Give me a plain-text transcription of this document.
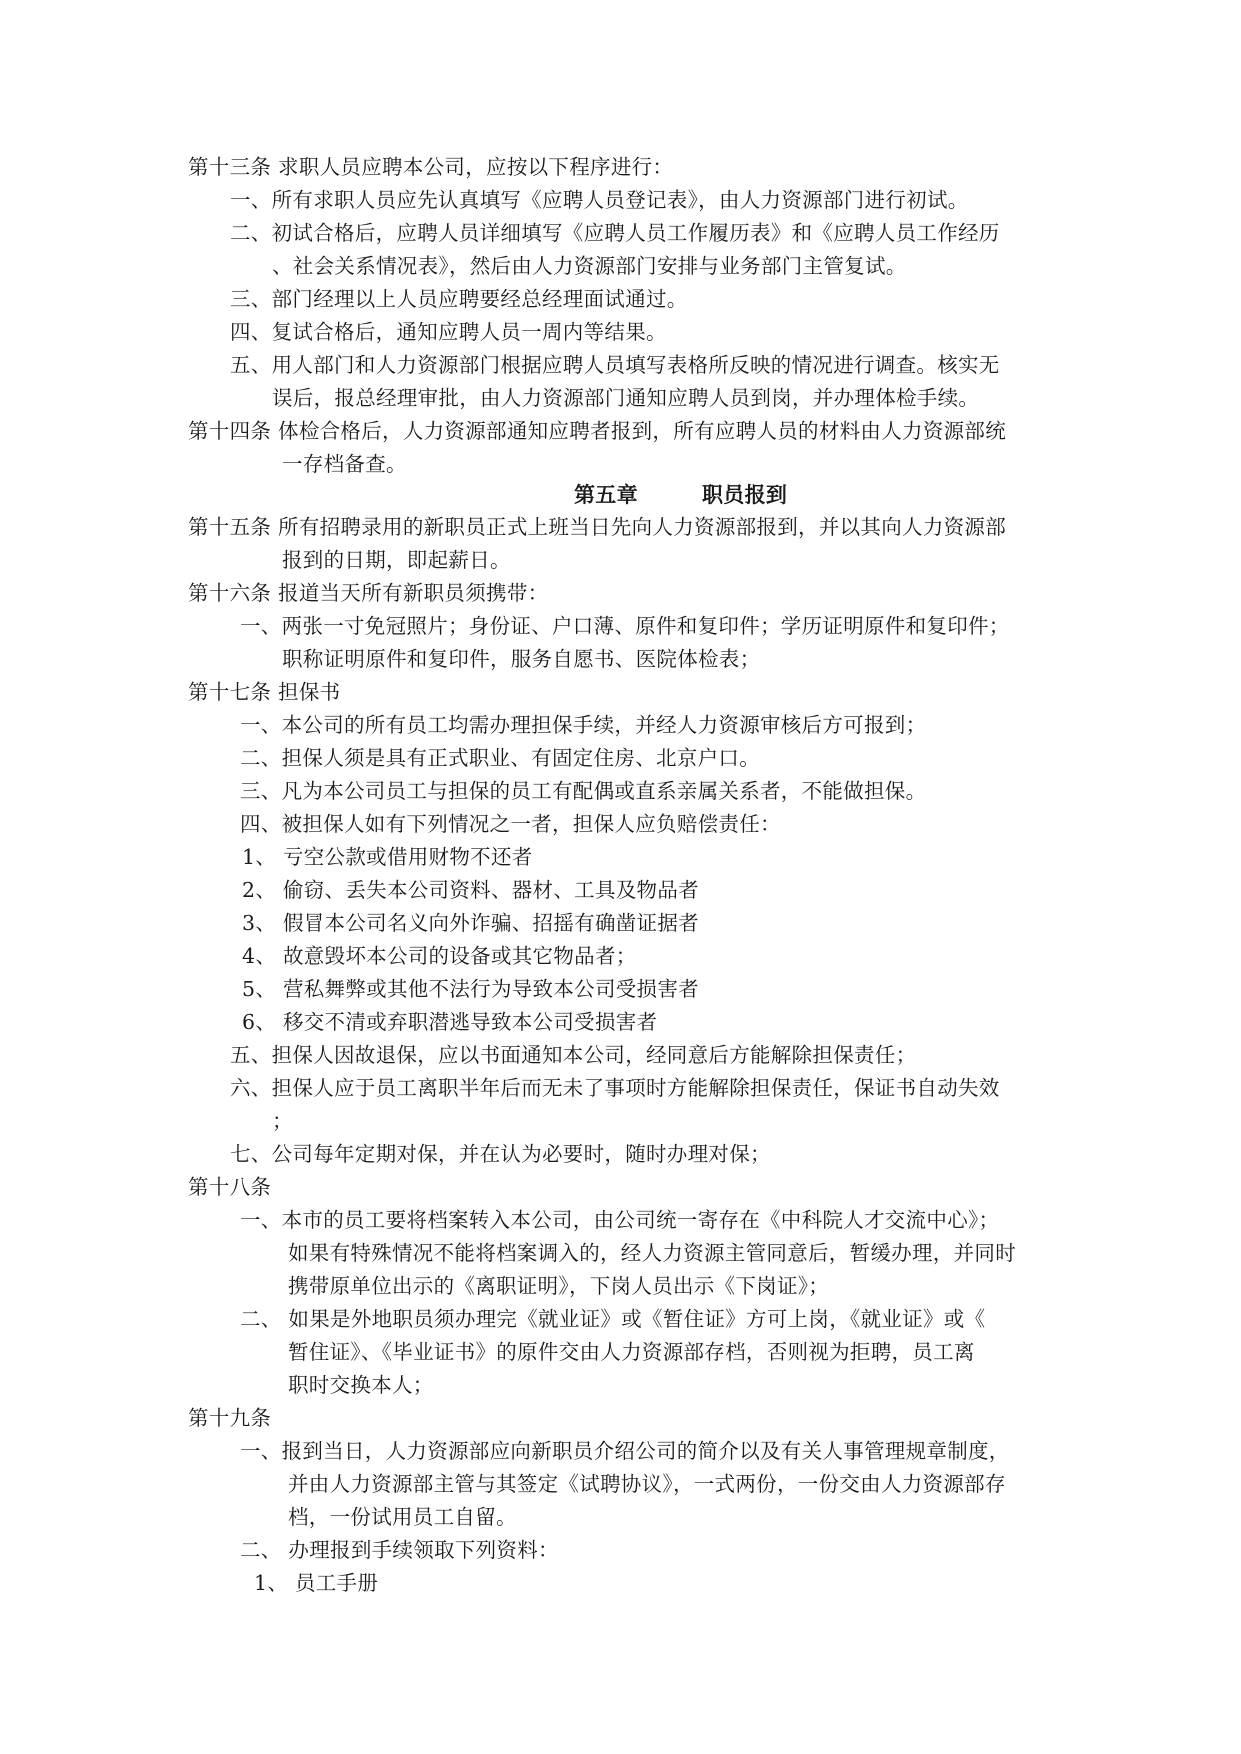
第十三条 求职人员应聘本公司，应按以下程序进行：
一、所有求职人员应先认真填写《应聘人员登记表》，由人力资源部门进行初试。
二、初试合格后，应聘人员详细填写《应聘人员工作履历表》和《应聘人员工作经历
、社会关系情况表》，然后由人力资源部门安排与业务部门主管复试。
三、部门经理以上人员应聘要经总经理面试通过。
四、复试合格后，通知应聘人员一周内等结果。
五、用人部门和人力资源部门根据应聘人员填写表格所反映的情况进行调查。核实无
误后，报总经理审批，由人力资源部门通知应聘人员到岗，并办理体检手续。
第十四条 体检合格后，人力资源部通知应聘者报到，所有应聘人员的材料由人力资源部统
一存档备查。
第五章	职员报到
第十五条 所有招聘录用的新职员正式上班当日先向人力资源部报到，并以其向人力资源部
报到的日期，即起薪日。
第十六条 报道当天所有新职员须携带：
一、两张一寸免冠照片；身份证、户口薄、原件和复印件；学历证明原件和复印件；
职称证明原件和复印件，服务自愿书、医院体检表；
第十七条 担保书
一、本公司的所有员工均需办理担保手续，并经人力资源审核后方可报到；
二、担保人须是具有正式职业、有固定住房、北京户口。
三、凡为本公司员工与担保的员工有配偶或直系亲属关系者，不能做担保。
四、被担保人如有下列情况之一者，担保人应负赔偿责任：
1、 亏空公款或借用财物不还者
2、 偷窃、丢失本公司资料、器材、工具及物品者
3、 假冒本公司名义向外诈骗、招摇有确凿证据者
4、 故意毁坏本公司的设备或其它物品者；
5、 营私舞弊或其他不法行为导致本公司受损害者
6、 移交不清或弃职潜逃导致本公司受损害者
五、担保人因故退保，应以书面通知本公司，经同意后方能解除担保责任；
六、担保人应于员工离职半年后而无未了事项时方能解除担保责任，保证书自动失效
；
七、公司每年定期对保，并在认为必要时，随时办理对保；
第十八条
一、本市的员工要将档案转入本公司，由公司统一寄存在《中科院人才交流中心》；
如果有特殊情况不能将档案调入的，经人力资源主管同意后，暂缓办理，并同时
携带原单位出示的《离职证明》，下岗人员出示《下岗证》；
二、 如果是外地职员须办理完《就业证》或《暂住证》方可上岗，《就业证》或《
暂住证》、《毕业证书》的原件交由人力资源部存档，否则视为拒聘，员工离
职时交换本人；
第十九条
一、报到当日，人力资源部应向新职员介绍公司的简介以及有关人事管理规章制度，
并由人力资源部主管与其签定《试聘协议》，一式两份，一份交由人力资源部存
档，一份试用员工自留。
二、 办理报到手续领取下列资料：
1、 员工手册
